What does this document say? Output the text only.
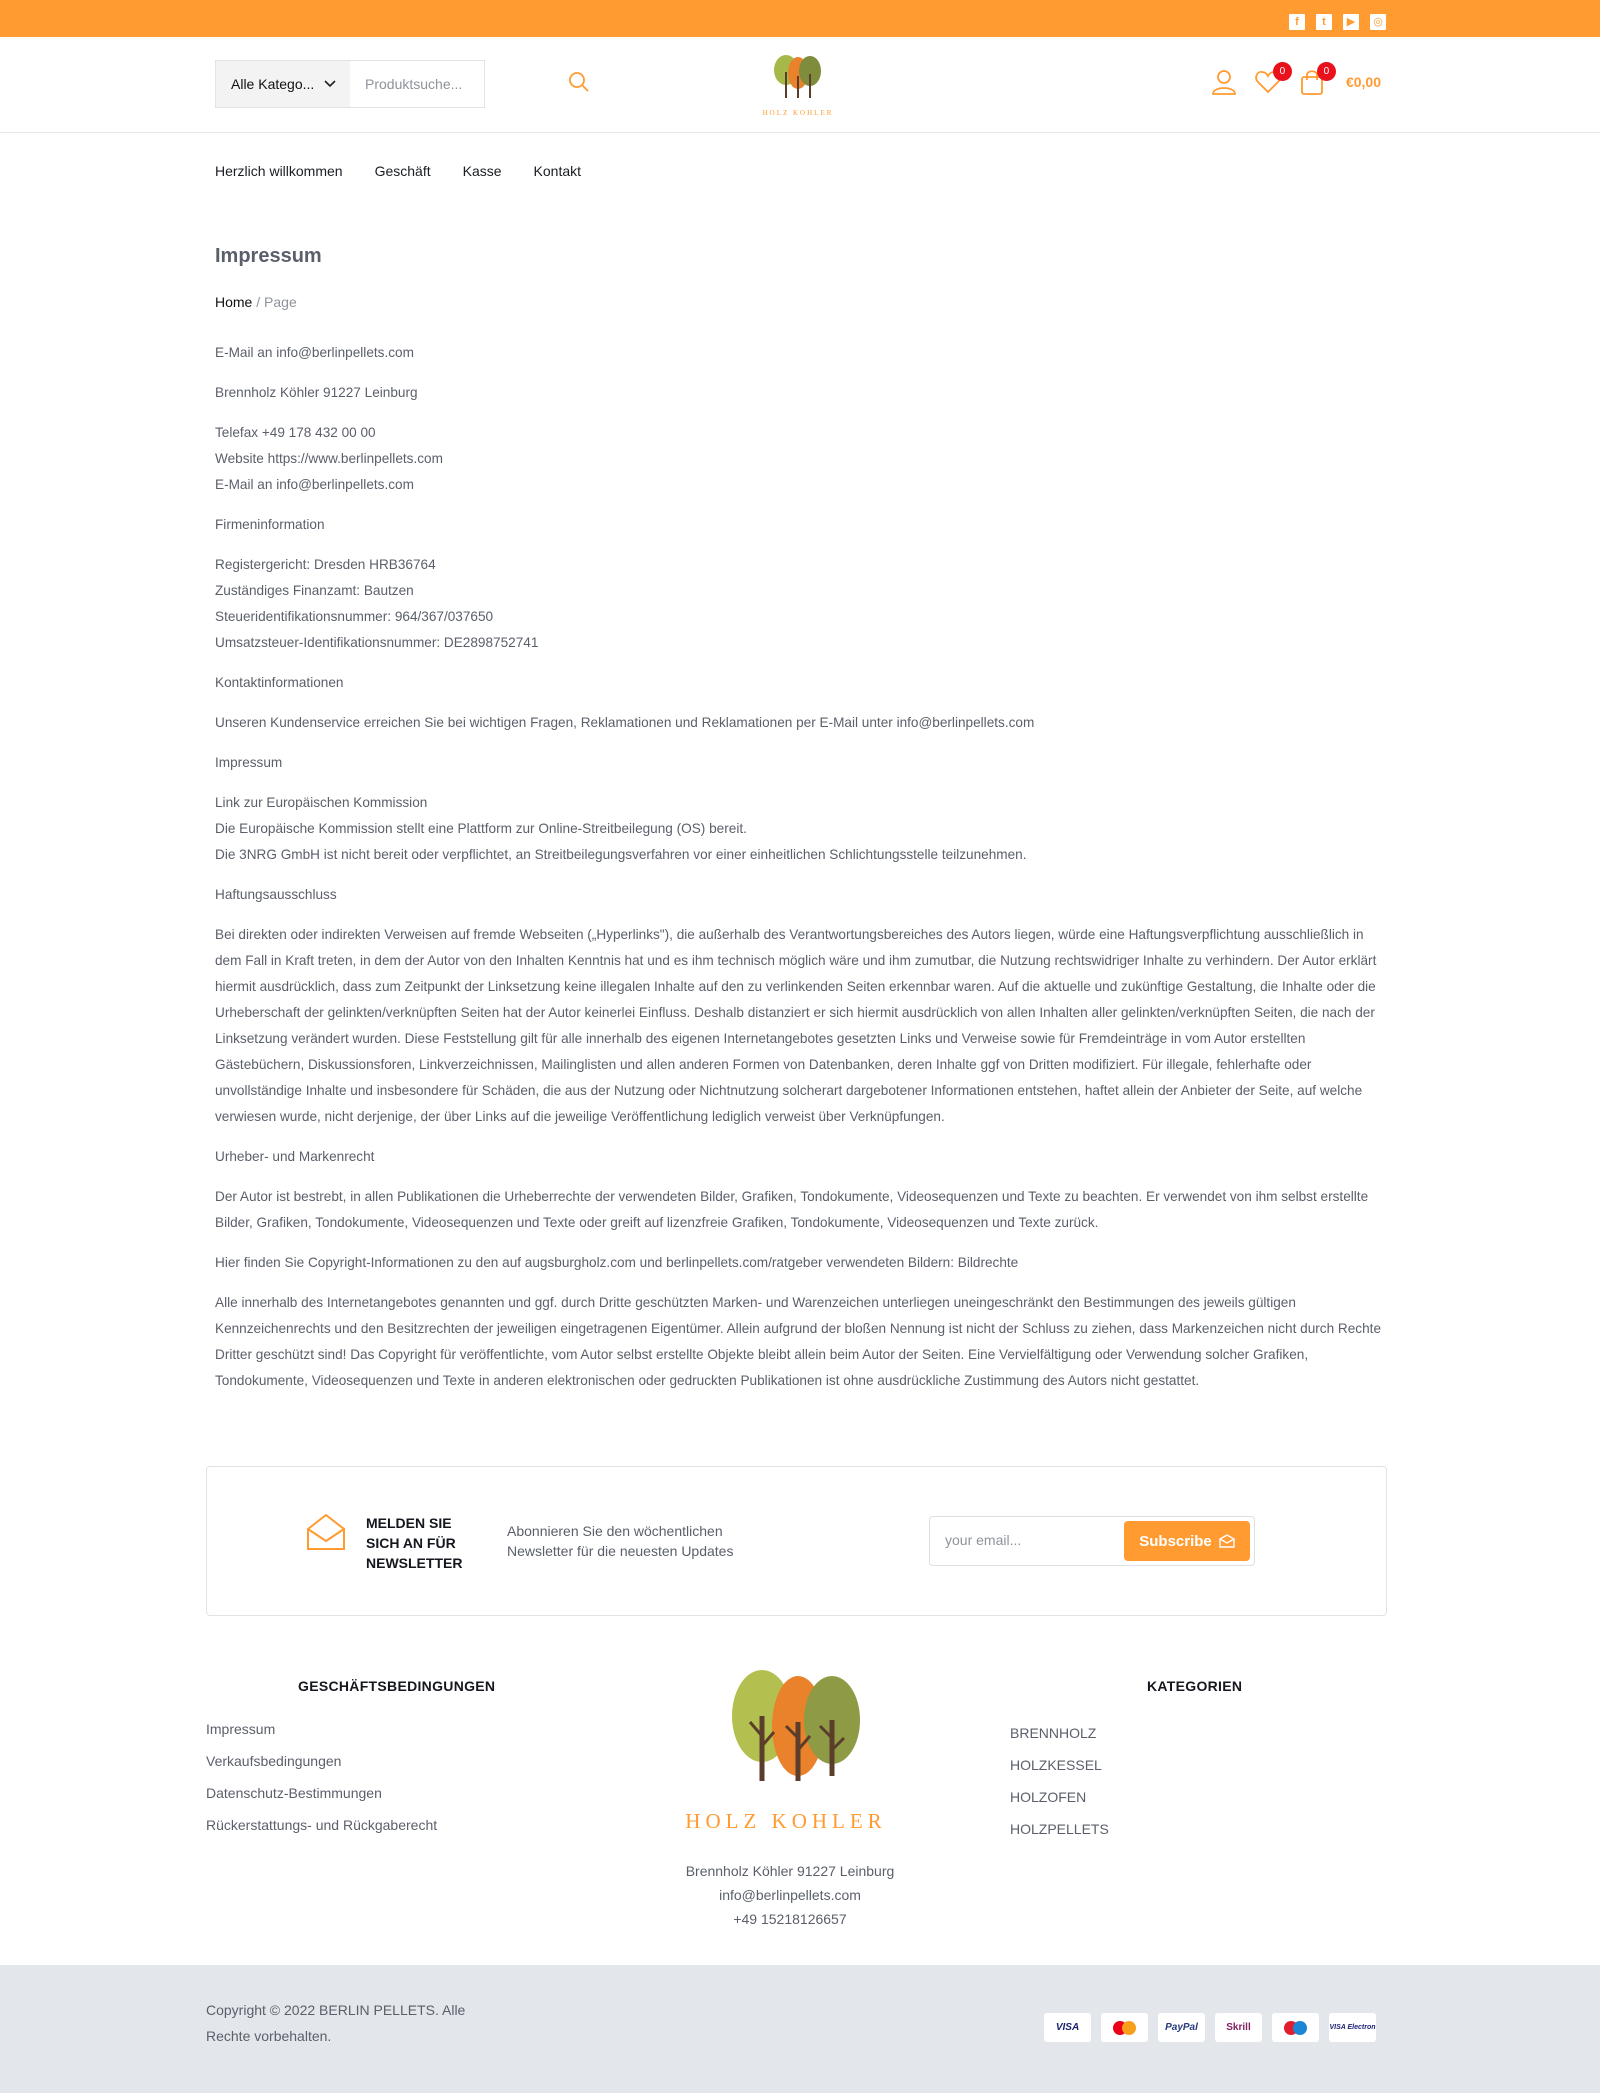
f	t	▶	◎
Alle Katego...	Produktsuche...
HOLZ KOHLER
0	0
€0,00
Herzlich willkommen Geschäft Kasse Kontakt
Impressum
Home / Page

E-Mail an info@berlinpellets.com

Brennholz Köhler 91227 Leinburg

Telefax +49 178 432 00 00
Website https://www.berlinpellets.com
E-Mail an info@berlinpellets.com

Firmeninformation

Registergericht: Dresden HRB36764
Zuständiges Finanzamt: Bautzen
Steueridentifikationsnummer: 964/367/037650
Umsatzsteuer-Identifikationsnummer: DE2898752741

Kontaktinformationen

Unseren Kundenservice erreichen Sie bei wichtigen Fragen, Reklamationen und Reklamationen per E-Mail unter info@berlinpellets.com

Impressum

Link zur Europäischen Kommission
Die Europäische Kommission stellt eine Plattform zur Online-Streitbeilegung (OS) bereit.
Die 3NRG GmbH ist nicht bereit oder verpflichtet, an Streitbeilegungsverfahren vor einer einheitlichen Schlichtungsstelle teilzunehmen.

Haftungsausschluss

Bei direkten oder indirekten Verweisen auf fremde Webseiten („Hyperlinks"), die außerhalb des Verantwortungsbereiches des Autors liegen, würde eine Haftungsverpflichtung ausschließlich in dem Fall in Kraft treten, in dem der Autor von den Inhalten Kenntnis hat und es ihm technisch möglich wäre und ihm zumutbar, die Nutzung rechtswidriger Inhalte zu verhindern. Der Autor erklärt hiermit ausdrücklich, dass zum Zeitpunkt der Linksetzung keine illegalen Inhalte auf den zu verlinkenden Seiten erkennbar waren. Auf die aktuelle und zukünftige Gestaltung, die Inhalte oder die Urheberschaft der gelinkten/verknüpften Seiten hat der Autor keinerlei Einfluss. Deshalb distanziert er sich hiermit ausdrücklich von allen Inhalten aller gelinkten/verknüpften Seiten, die nach der Linksetzung verändert wurden. Diese Feststellung gilt für alle innerhalb des eigenen Internetangebotes gesetzten Links und Verweise sowie für Fremdeinträge in vom Autor erstellten Gästebüchern, Diskussionsforen, Linkverzeichnissen, Mailinglisten und allen anderen Formen von Datenbanken, deren Inhalte ggf von Dritten modifiziert. Für illegale, fehlerhafte oder unvollständige Inhalte und insbesondere für Schäden, die aus der Nutzung oder Nichtnutzung solcherart dargebotener Informationen entstehen, haftet allein der Anbieter der Seite, auf welche verwiesen wurde, nicht derjenige, der über Links auf die jeweilige Veröffentlichung lediglich verweist über Verknüpfungen.

Urheber- und Markenrecht

Der Autor ist bestrebt, in allen Publikationen die Urheberrechte der verwendeten Bilder, Grafiken, Tondokumente, Videosequenzen und Texte zu beachten. Er verwendet von ihm selbst erstellte Bilder, Grafiken, Tondokumente, Videosequenzen und Texte oder greift auf lizenzfreie Grafiken, Tondokumente, Videosequenzen und Texte zurück.

Hier finden Sie Copyright-Informationen zu den auf augsburgholz.com und berlinpellets.com/ratgeber verwendeten Bildern: Bildrechte

Alle innerhalb des Internetangebotes genannten und ggf. durch Dritte geschützten Marken- und Warenzeichen unterliegen uneingeschränkt den Bestimmungen des jeweils gültigen Kennzeichenrechts und den Besitzrechten der jeweiligen eingetragenen Eigentümer. Allein aufgrund der bloßen Nennung ist nicht der Schluss zu ziehen, dass Markenzeichen nicht durch Rechte Dritter geschützt sind! Das Copyright für veröffentlichte, vom Autor selbst erstellte Objekte bleibt allein beim Autor der Seiten. Eine Vervielfältigung oder Verwendung solcher Grafiken, Tondokumente, Videosequenzen und Texte in anderen elektronischen oder gedruckten Publikationen ist ohne ausdrückliche Zustimmung des Autors nicht gestattet.

MELDEN SIE SICH AN FÜR NEWSLETTER
Abonnieren Sie den wöchentlichen Newsletter für die neuesten Updates
your email...	Subscribe
GESCHÄFTSBEDINGUNGEN
Impressum
Verkaufsbedingungen
Datenschutz-Bestimmungen
Rückerstattungs- und Rückgaberecht	HOLZ KOHLER
Brennholz Köhler 91227 Leinburg
info@berlinpellets.com
+49 15218126657
KATEGORIEN
BRENNHOLZ
HOLZKESSEL
HOLZOFEN
HOLZPELLETS
Copyright © 2022 BERLIN PELLETS. Alle Rechte vorbehalten.
VISA	PayPal	Skrill	VISA Electron
